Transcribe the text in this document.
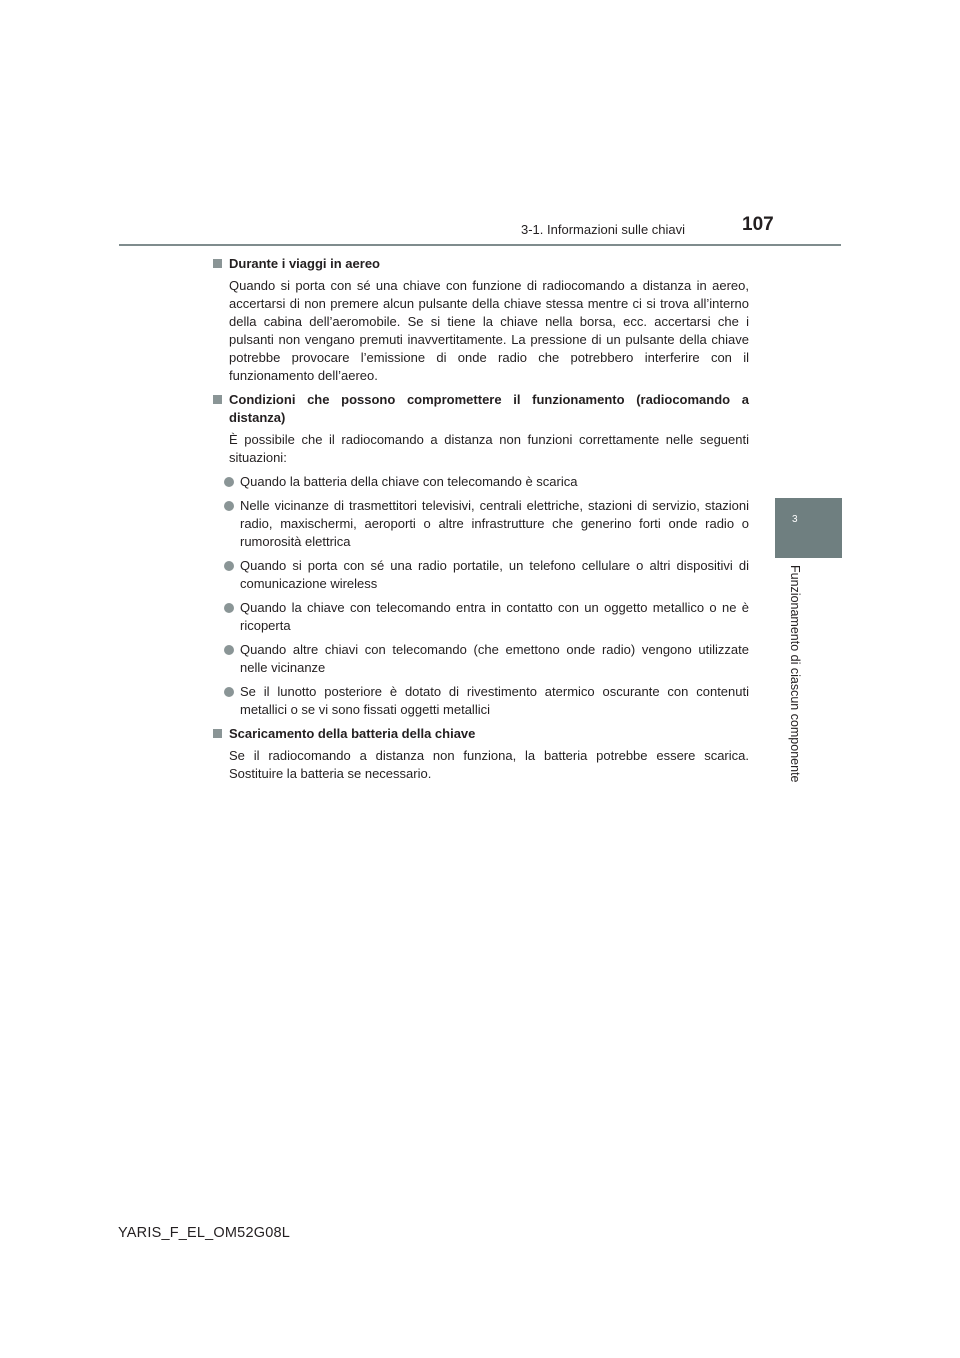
3-1. Informazioni sulle chiavi	107
3
Funzionamento di ciascun componente
Durante i viaggi in aereo

Quando si porta con sé una chiave con funzione di radiocomando a distanza in aereo, accertarsi di non premere alcun pulsante della chiave stessa mentre ci si trova all’interno della cabina dell’aeromobile. Se si tiene la chiave nella borsa, ecc. accertarsi che i pulsanti non vengano premuti inavvertitamente. La pressione di un pulsante della chiave potrebbe provocare l’emissione di onde radio che potrebbero interferire con il funzionamento dell’aereo.

Condizioni che possono compromettere il funzionamento (radiocomando a distanza)

È possibile che il radiocomando a distanza non funzioni correttamente nelle seguenti situazioni:

Quando la batteria della chiave con telecomando è scarica
Nelle vicinanze di trasmettitori televisivi, centrali elettriche, stazioni di servizio, stazioni radio, maxischermi, aeroporti o altre infrastrutture che generino forti onde radio o rumorosità elettrica
Quando si porta con sé una radio portatile, un telefono cellulare o altri dispositivi di comunicazione wireless
Quando la chiave con telecomando entra in contatto con un oggetto metallico o ne è ricoperta
Quando altre chiavi con telecomando (che emettono onde radio) vengono utilizzate nelle vicinanze
Se il lunotto posteriore è dotato di rivestimento atermico oscurante con contenuti metallici o se vi sono fissati oggetti metallici
Scaricamento della batteria della chiave

Se il radiocomando a distanza non funziona, la batteria potrebbe essere scarica. Sostituire la batteria se necessario.

YARIS_F_EL_OM52G08L
